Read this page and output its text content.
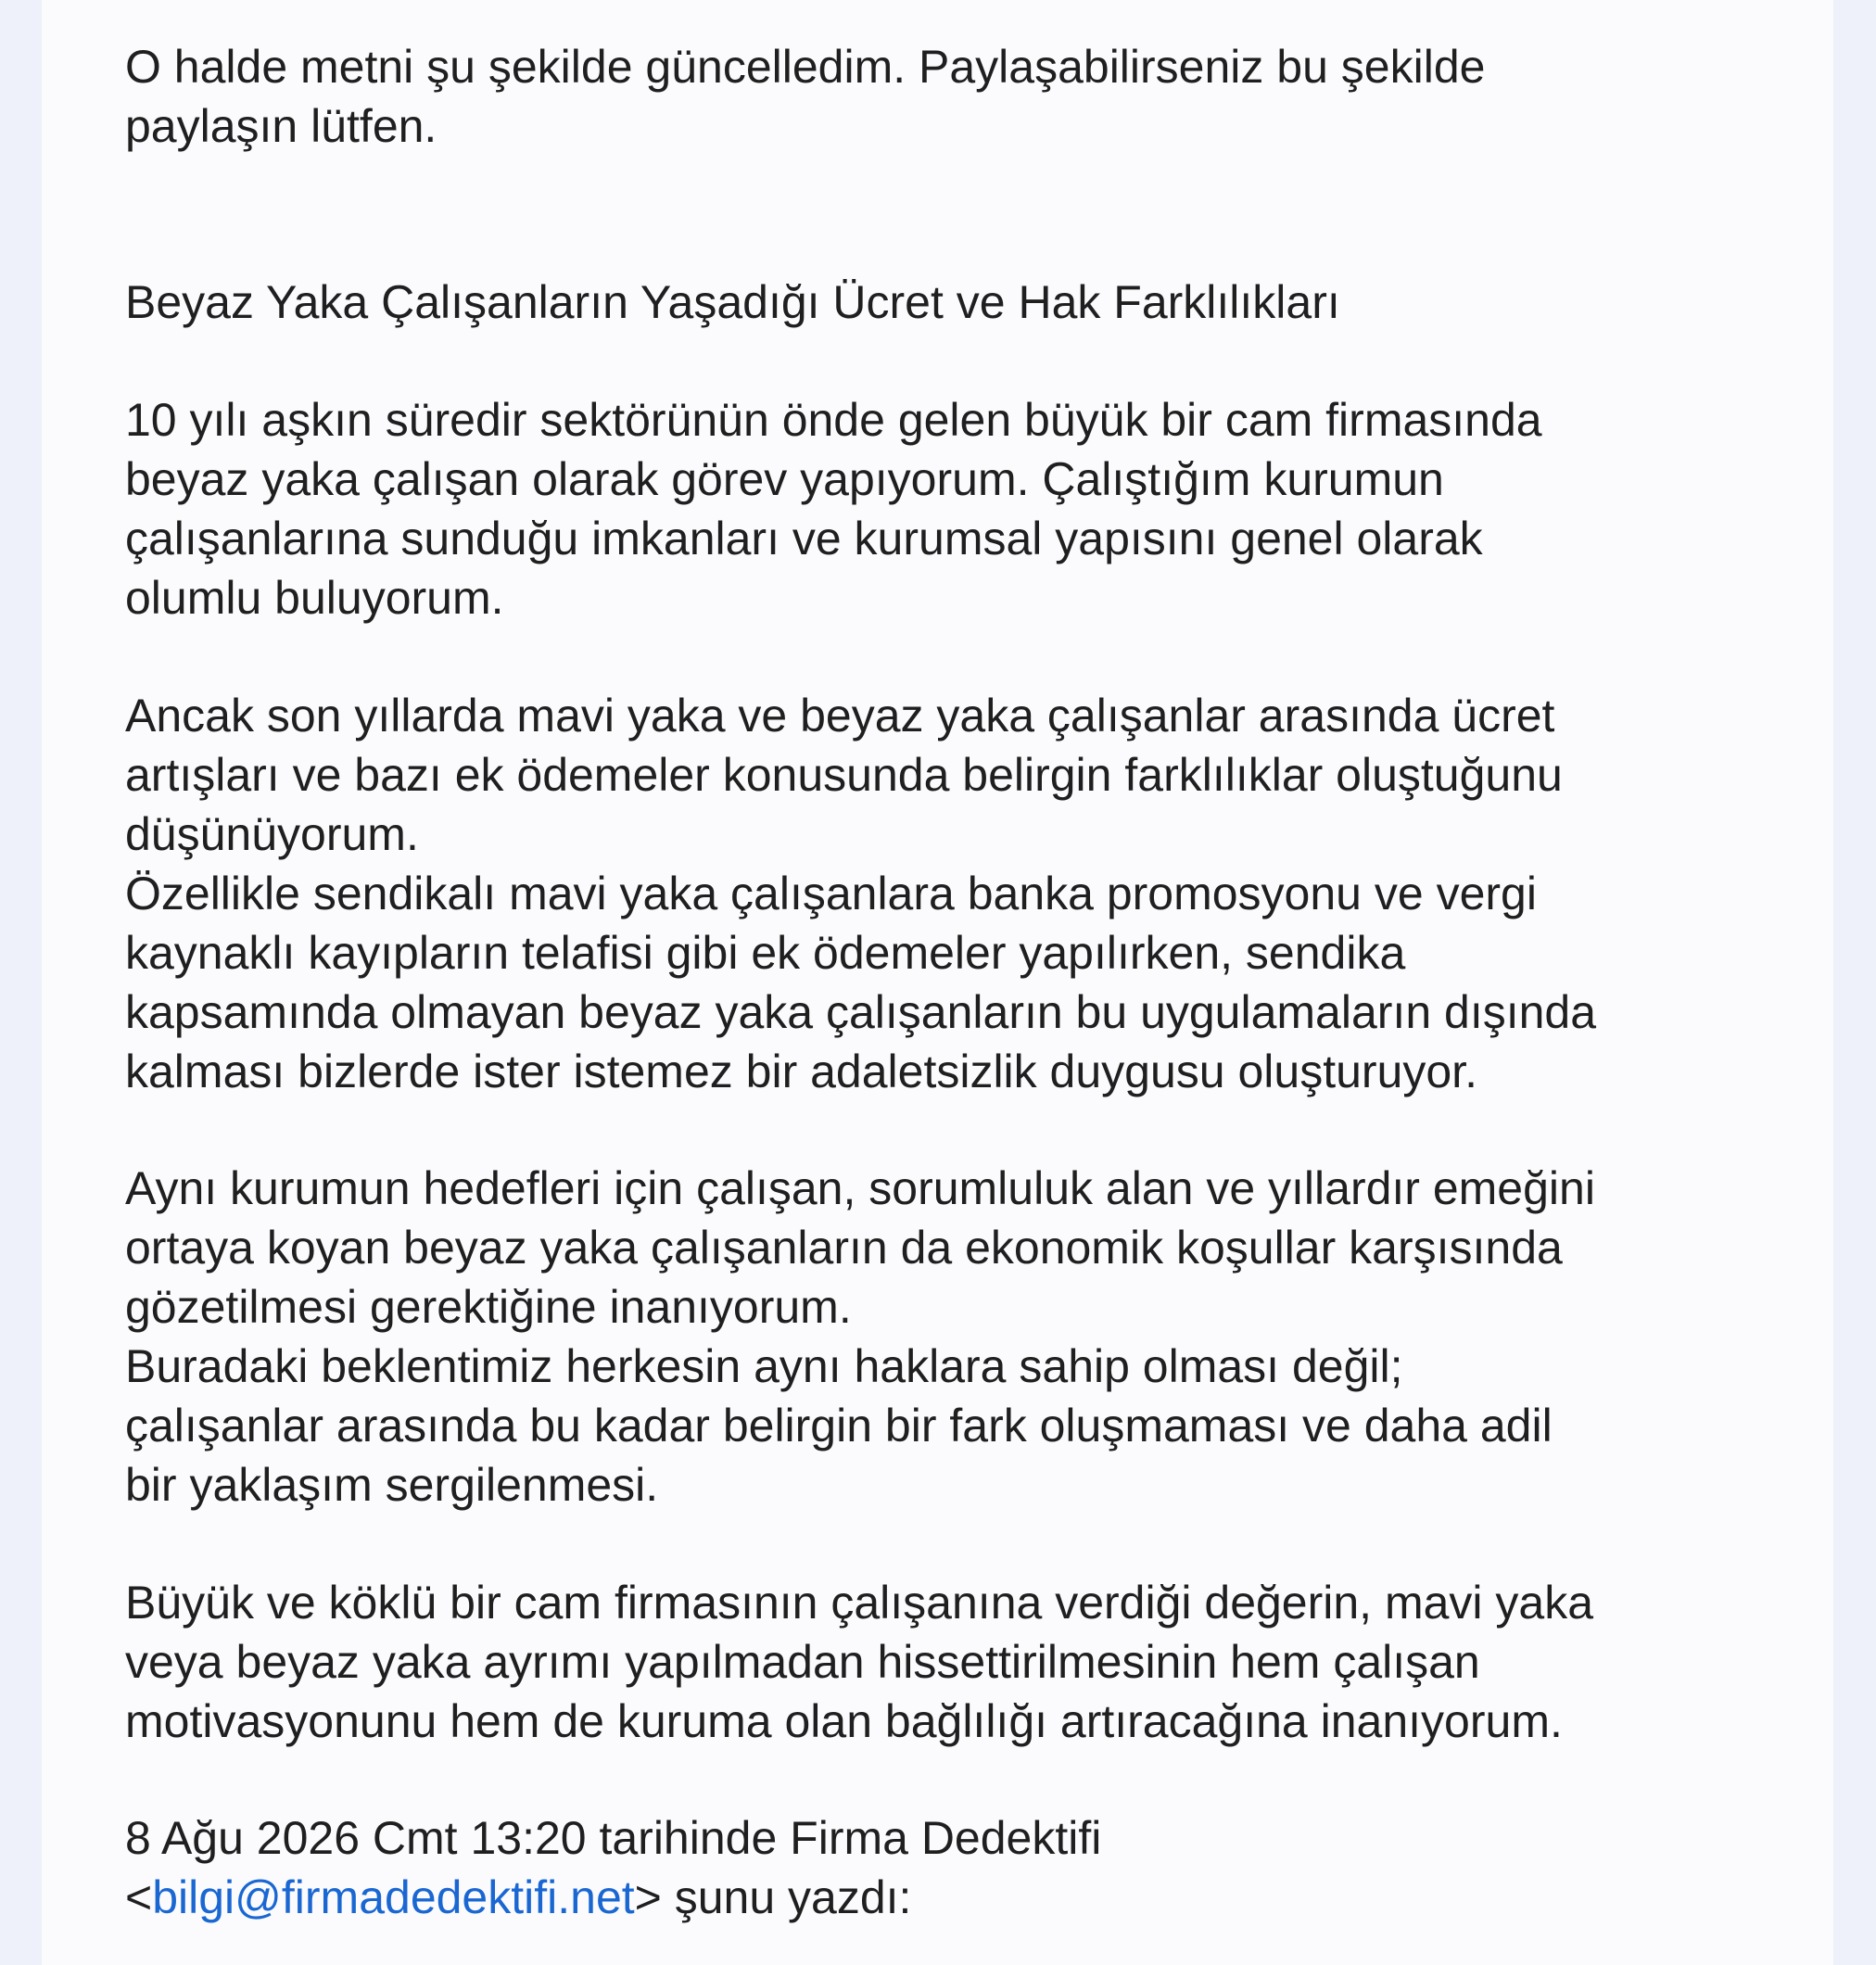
O halde metni şu şekilde güncelledim. Paylaşabilirseniz bu şekilde
paylaşın lütfen.

Beyaz Yaka Çalışanların Yaşadığı Ücret ve Hak Farklılıkları

10 yılı aşkın süredir sektörünün önde gelen büyük bir cam firmasında
beyaz yaka çalışan olarak görev yapıyorum. Çalıştığım kurumun
çalışanlarına sunduğu imkanları ve kurumsal yapısını genel olarak
olumlu buluyorum.

Ancak son yıllarda mavi yaka ve beyaz yaka çalışanlar arasında ücret
artışları ve bazı ek ödemeler konusunda belirgin farklılıklar oluştuğunu
düşünüyorum.
Özellikle sendikalı mavi yaka çalışanlara banka promosyonu ve vergi
kaynaklı kayıpların telafisi gibi ek ödemeler yapılırken, sendika
kapsamında olmayan beyaz yaka çalışanların bu uygulamaların dışında
kalması bizlerde ister istemez bir adaletsizlik duygusu oluşturuyor.

Aynı kurumun hedefleri için çalışan, sorumluluk alan ve yıllardır emeğini
ortaya koyan beyaz yaka çalışanların da ekonomik koşullar karşısında
gözetilmesi gerektiğine inanıyorum.
Buradaki beklentimiz herkesin aynı haklara sahip olması değil;
çalışanlar arasında bu kadar belirgin bir fark oluşmaması ve daha adil
bir yaklaşım sergilenmesi.

Büyük ve köklü bir cam firmasının çalışanına verdiği değerin, mavi yaka
veya beyaz yaka ayrımı yapılmadan hissettirilmesinin hem çalışan
motivasyonunu hem de kuruma olan bağlılığı artıracağına inanıyorum.

8 Ağu 2026 Cmt 13:20 tarihinde Firma Dedektifi
<bilgi@firmadedektifi.net> şunu yazdı:
